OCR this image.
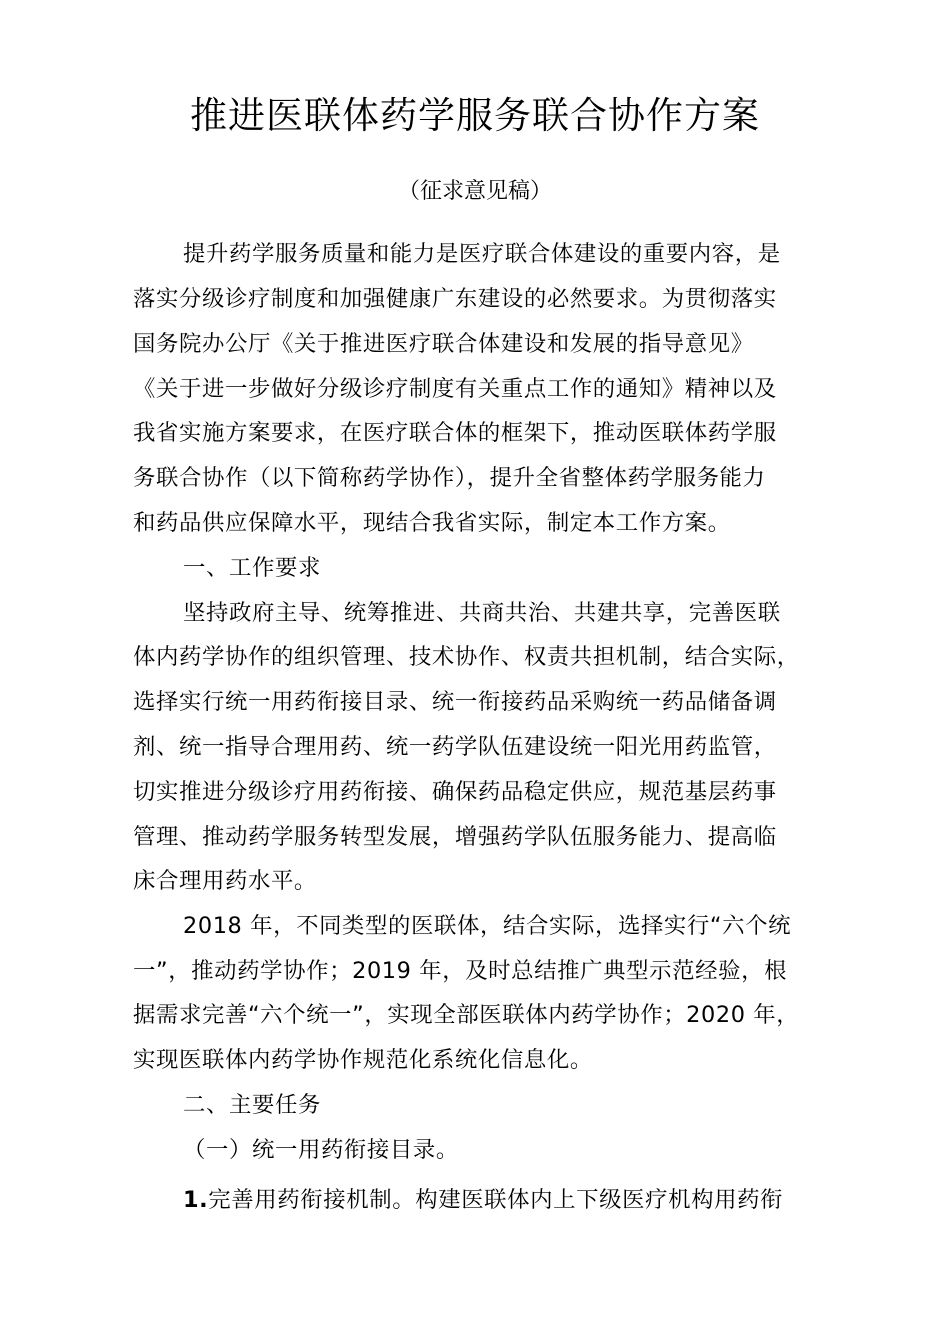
推进医联体药学服务联合协作方案
（征求意见稿）
提升药学服务质量和能力是医疗联合体建设的重要内容，是
落实分级诊疗制度和加强健康广东建设的必然要求。为贯彻落实
国务院办公厅《关于推进医疗联合体建设和发展的指导意见》
《关于进一步做好分级诊疗制度有关重点工作的通知》精神以及
我省实施方案要求，在医疗联合体的框架下，推动医联体药学服
务联合协作（以下简称药学协作），提升全省整体药学服务能力
和药品供应保障水平，现结合我省实际，制定本工作方案。
一、工作要求
坚持政府主导、统筹推进、共商共治、共建共享，完善医联
体内药学协作的组织管理、技术协作、权责共担机制，结合实际，
选择实行统一用药衔接目录、统一衔接药品采购统一药品储备调
剂、统一指导合理用药、统一药学队伍建设统一阳光用药监管，
切实推进分级诊疗用药衔接、确保药品稳定供应，规范基层药事
管理、推动药学服务转型发展，增强药学队伍服务能力、提高临
床合理用药水平。
2018 年，不同类型的医联体，结合实际，选择实行“六个统
一”，推动药学协作；2019 年，及时总结推广典型示范经验，根
据需求完善“六个统一”，实现全部医联体内药学协作；2020 年，
实现医联体内药学协作规范化系统化信息化。
二、主要任务
（一）统一用药衔接目录。
1.完善用药衔接机制。构建医联体内上下级医疗机构用药衔
